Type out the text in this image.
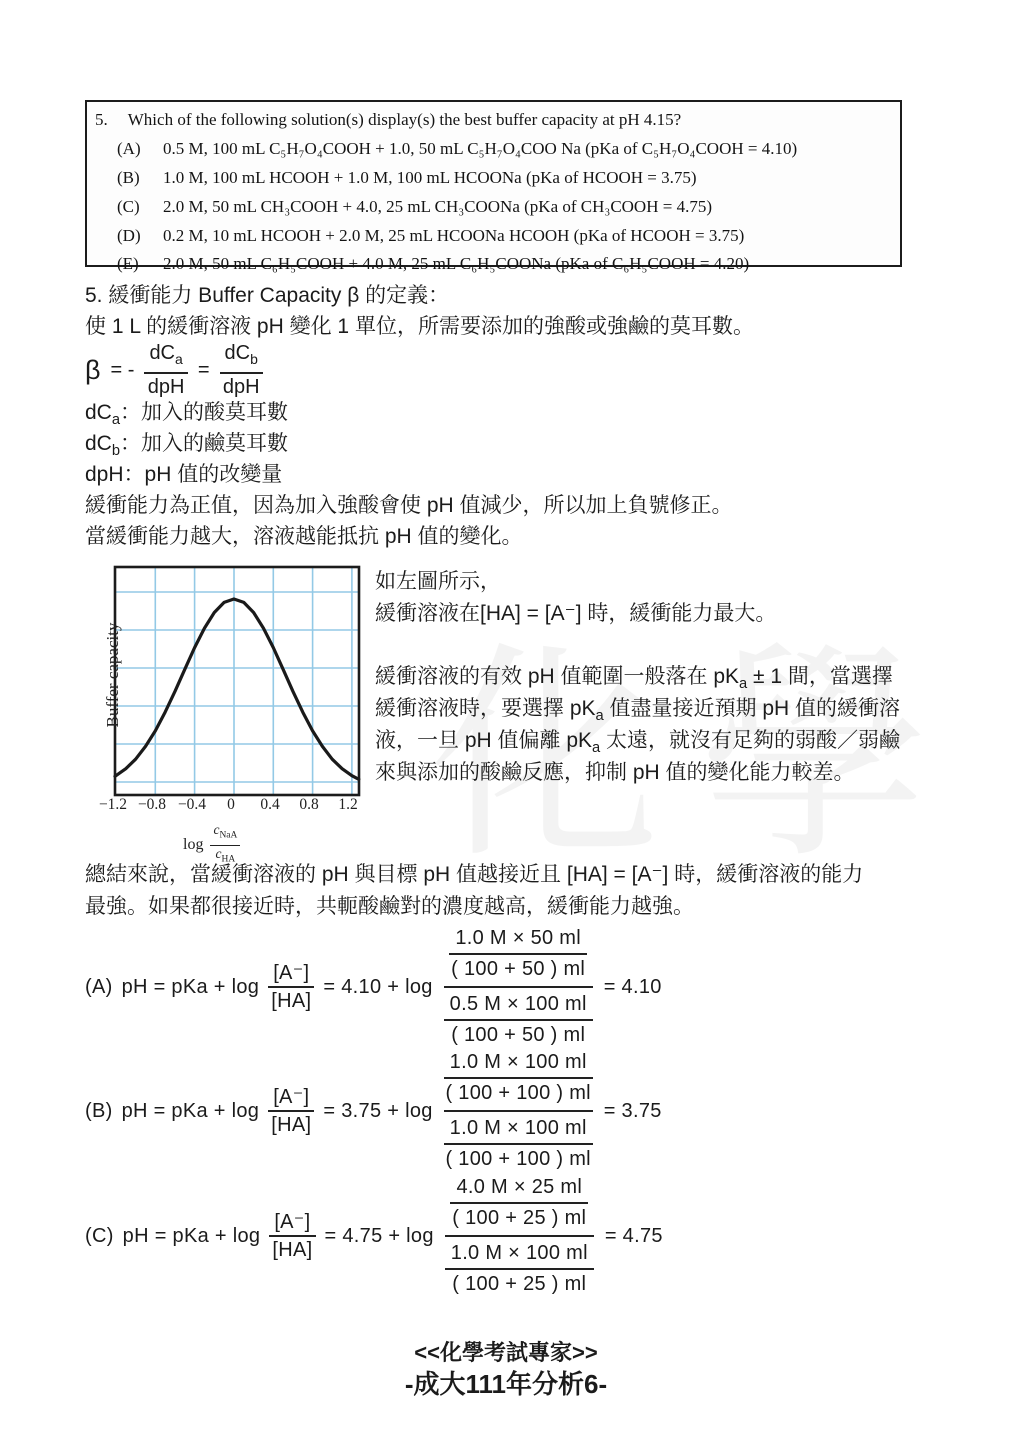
5. Which of the following solution(s) display(s) the best buffer capacity at pH 4.15?
(A)	0.5 M, 100 mL C₅H₇O₄COOH + 1.0, 50 mL C₅H₇O₄COO Na (pKa of C₅H₇O₄COOH = 4.10)
(B)	1.0 M, 100 mL HCOOH + 1.0 M, 100 mL HCOONa (pKa of HCOOH = 3.75)
(C)	2.0 M, 50 mL CH₃COOH + 4.0, 25 mL CH₃COONa (pKa of CH₃COOH = 4.75)
(D)	0.2 M, 10 mL HCOOH + 2.0 M, 25 mL HCOONa HCOOH (pKa of HCOOH = 3.75)
(E)	2.0 M, 50 mL C₆H₅COOH + 4.0 M, 25 mL C₆H₅COONa (pKa of C₆H₅COOH = 4.20)
5. 緩衝能力 Buffer Capacity β 的定義：
使 1 L 的緩衝溶液 pH 變化 1 單位，所需要添加的強酸或強鹼的莫耳數。
β = - $\frac{dC_a}{\text{dpH}} = \frac{dC_b}{\text{dpH}}$
$dC_a$：加入的酸莫耳數
$dC_b$：加入的鹼莫耳數
dpH：pH 值的改變量
緩衝能力為正值，因為加入強酸會使 pH 值減少，所以加上負號修正。
當緩衝能力越大，溶液越能抵抗 pH 值的變化。
Buffer capacity
−1.2 −0.8 −0.4 0 0.4 0.8 1.2
log
$c_{NaA}$
$c_{HA}$
如左圖所示，
緩衝溶液在[HA] = [A⁻] 時，緩衝能力最大。
緩衝溶液的有效 pH 值範圍一般落在 $pK_a \pm 1$ 間，當選擇
緩衝溶液時，要選擇 $pK_a$ 值盡量接近預期 pH 值的緩衝溶
液，一旦 pH 值偏離 $pK_a$ 太遠，就沒有足夠的弱酸／弱鹼
來與添加的酸鹼反應，抑制 pH 值的變化能力較差。
總結來說，當緩衝溶液的 pH 與目標 pH 值越接近且 [HA] = [A⁻] 時，緩衝溶液的能力
最強。如果都很接近時，共軛酸鹼對的濃度越高，緩衝能力越強。
(A) pH = pKa + $\log \frac{[A^-]}{[HA]} = 4.10 + \log$
1.0 M × 50 ml
( 100 + 50 ) ml
0.5 M × 100 ml
( 100 + 50 ) ml
= 4.10
(B) pH = pKa + $\log \frac{[A^-]}{[HA]} = 3.75 + \log$
1.0 M × 100 ml
( 100 + 100 ) ml
1.0 M × 100 ml
( 100 + 100 ) ml
= 3.75
(C) pH = pKa + $\log \frac{[A^-]}{[HA]} = 4.75 + \log$
4.0 M × 25 ml
( 100 + 25 ) ml
1.0 M × 100 ml
( 100 + 25 ) ml
= 4.75
<<化學考試專家>>
-成大111年分析6-
